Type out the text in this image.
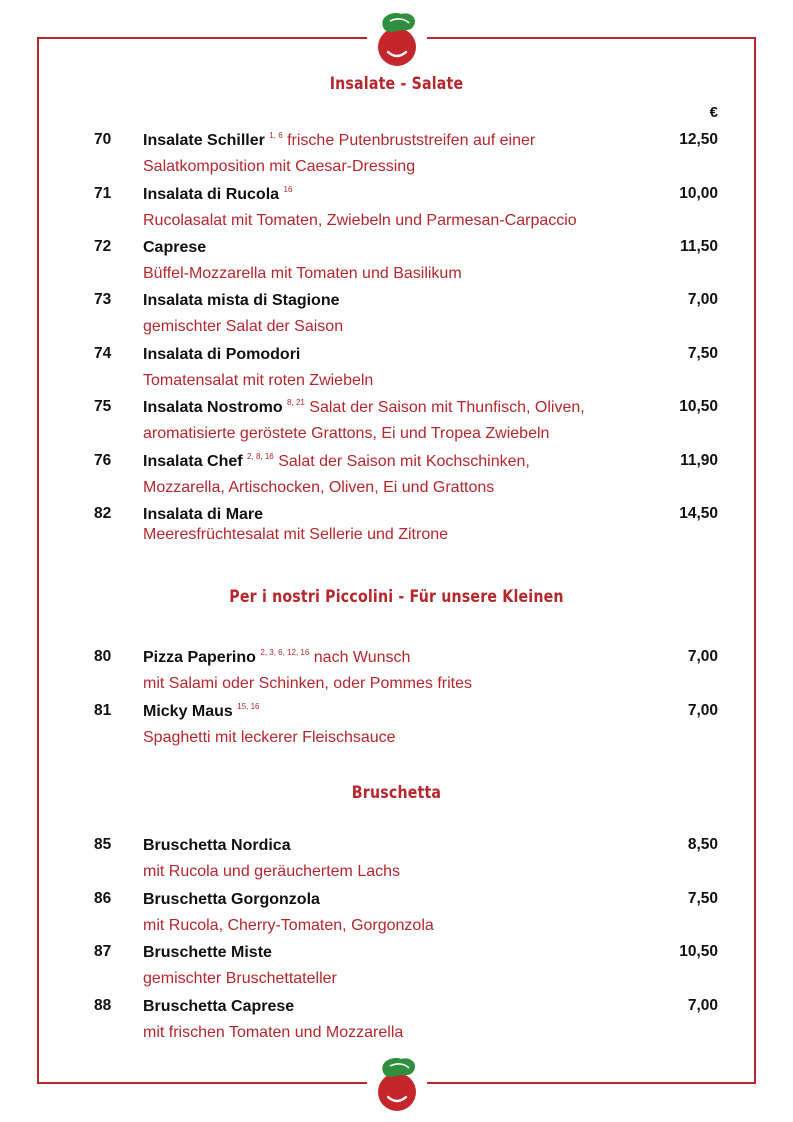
Insalate - Salate
€
70 Insalate Schiller $^{1, 6}$ frische Putenbruststreifen auf einer
Salatkomposition mit Caesar-Dressing
12,50
71 Insalata di Rucola $^{16}$
Rucolasalat mit Tomaten, Zwiebeln und Parmesan-Carpaccio
10,00
72 Caprese
Büffel-Mozzarella mit Tomaten und Basilikum
11,50
73 Insalata mista di Stagione
gemischter Salat der Saison
7,00
74 Insalata di Pomodori
Tomatensalat mit roten Zwiebeln
7,50
75 Insalata Nostromo $^{8, 21}$ Salat der Saison mit Thunfisch, Oliven,
aromatisierte geröstete Grattons, Ei und Tropea Zwiebeln
10,50
76 Insalata Chef $^{2, 8, 16}$ Salat der Saison mit Kochschinken,
Mozzarella, Artischocken, Oliven, Ei und Grattons
11,90
82 Insalata di Mare
Meeresfrüchtesalat mit Sellerie und Zitrone
14,50
Per i nostri Piccolini - Für unsere Kleinen
80 Pizza Paperino $^{2, 3, 6, 12, 16}$ nach Wunsch
mit Salami oder Schinken, oder Pommes frites
7,00
81 Micky Maus $^{15, 16}$
Spaghetti mit leckerer Fleischsauce
7,00
Bruschetta
85 Bruschetta Nordica
mit Rucola und geräuchertem Lachs
8,50
86 Bruschetta Gorgonzola
mit Rucola, Cherry-Tomaten, Gorgonzola
7,50
87 Bruschette Miste
gemischter Bruschettateller
10,50
88 Bruschetta Caprese
mit frischen Tomaten und Mozzarella
7,00
